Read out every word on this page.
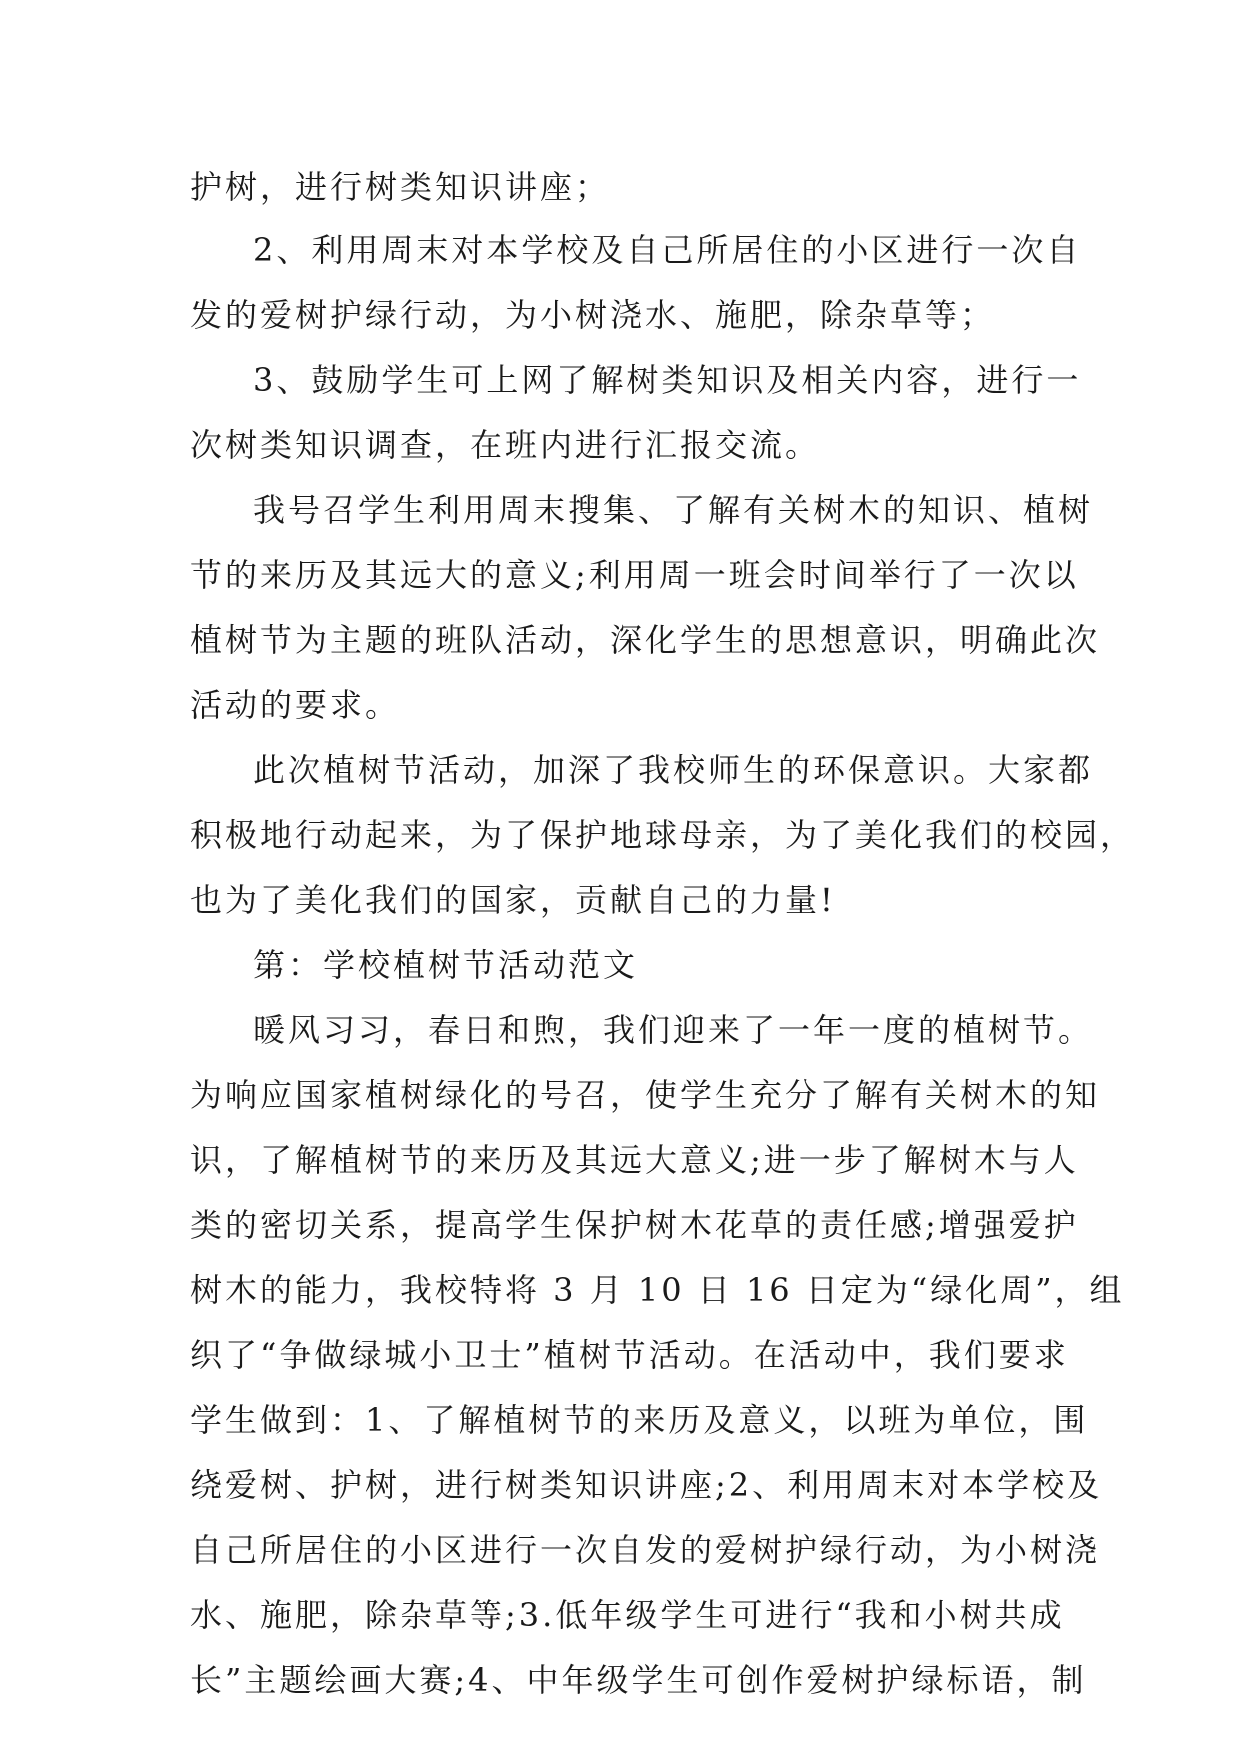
护树，进行树类知识讲座；
2、利用周末对本学校及自己所居住的小区进行一次自
发的爱树护绿行动，为小树浇水、施肥，除杂草等；
3、鼓励学生可上网了解树类知识及相关内容，进行一
次树类知识调查，在班内进行汇报交流。
我号召学生利用周末搜集、了解有关树木的知识、植树
节的来历及其远大的意义;利用周一班会时间举行了一次以
植树节为主题的班队活动，深化学生的思想意识，明确此次
活动的要求。
此次植树节活动，加深了我校师生的环保意识。大家都
积极地行动起来，为了保护地球母亲，为了美化我们的校园，
也为了美化我们的国家，贡献自己的力量!
第：学校植树节活动范文
暖风习习，春日和煦，我们迎来了一年一度的植树节。
为响应国家植树绿化的号召，使学生充分了解有关树木的知
识，了解植树节的来历及其远大意义;进一步了解树木与人
类的密切关系，提高学生保护树木花草的责任感;增强爱护
树木的能力，我校特将 3 月 10 日 16 日定为“绿化周”，组
织了“争做绿城小卫士”植树节活动。在活动中，我们要求
学生做到：1、了解植树节的来历及意义，以班为单位，围
绕爱树、护树，进行树类知识讲座;2、利用周末对本学校及
自己所居住的小区进行一次自发的爱树护绿行动，为小树浇
水、施肥，除杂草等;3.低年级学生可进行“我和小树共成
长”主题绘画大赛;4、中年级学生可创作爱树护绿标语，制
